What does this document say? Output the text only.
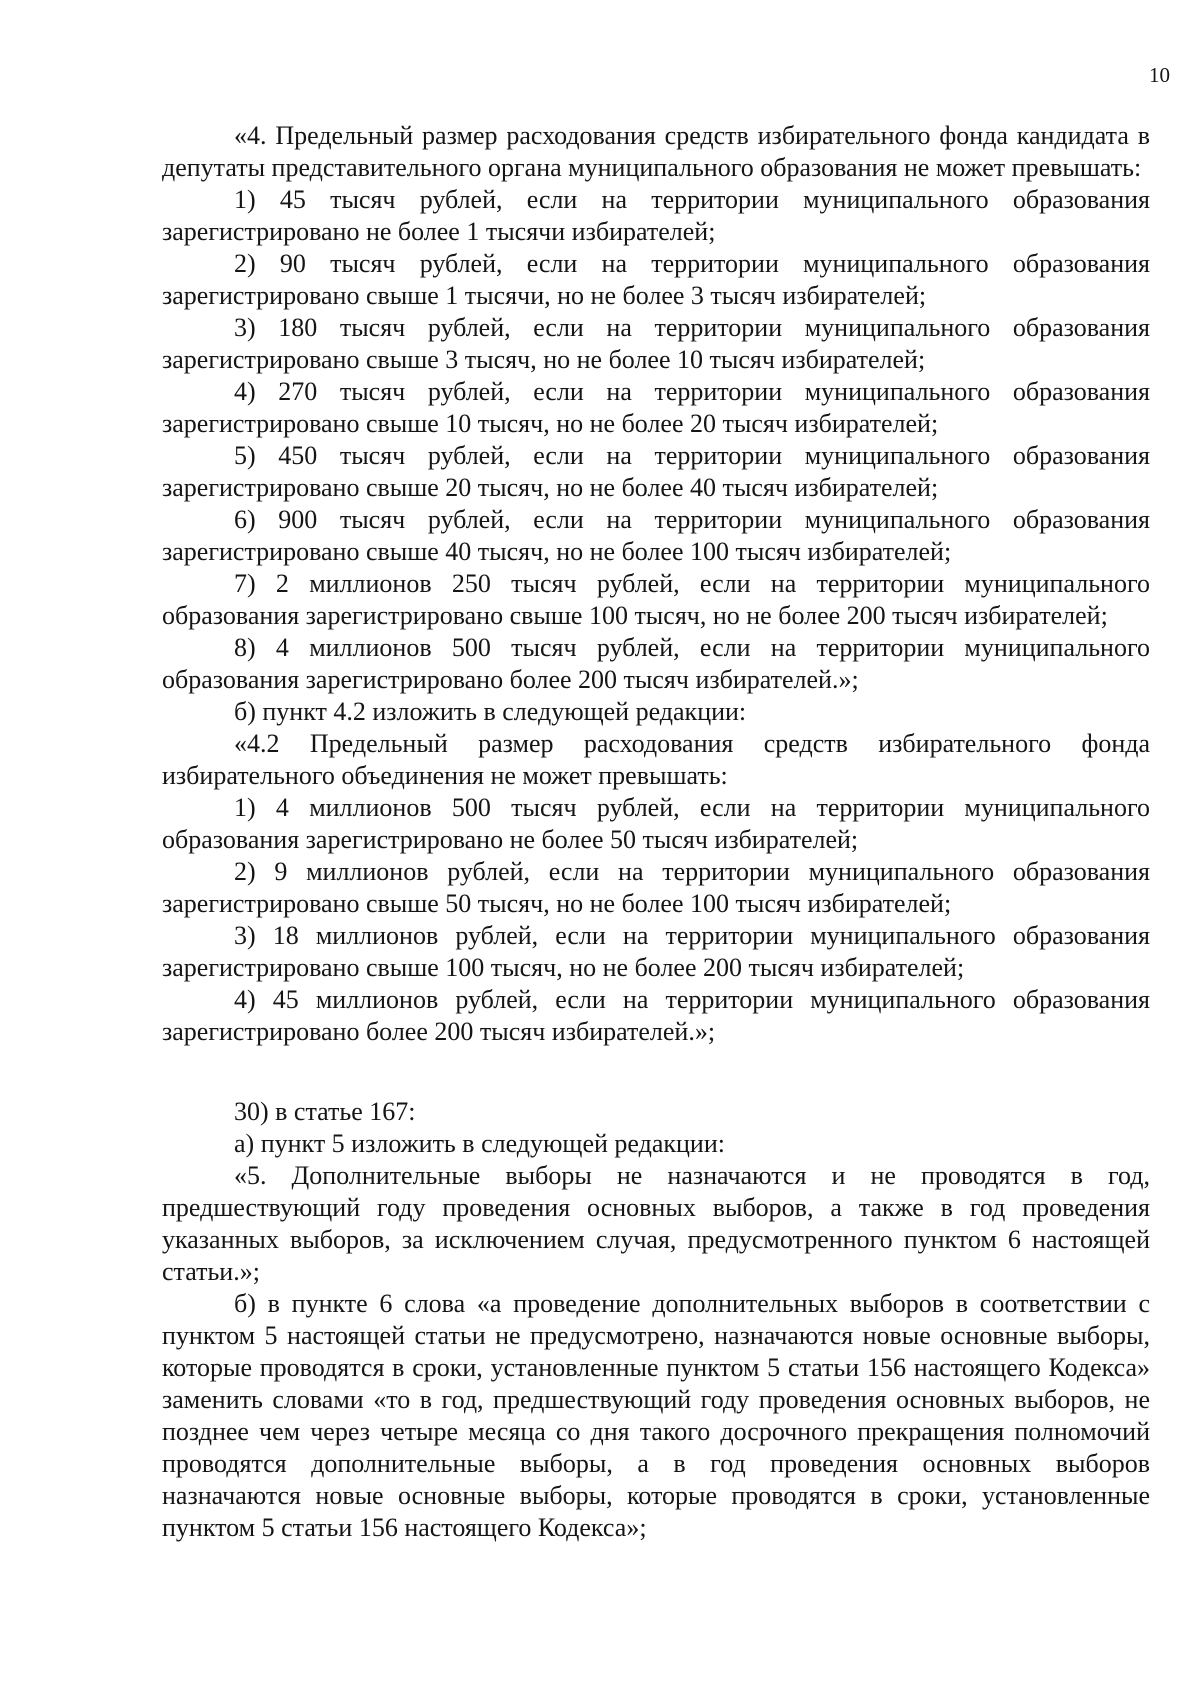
10

«4. Предельный размер расходования средств избирательного фонда кандидата в депутаты представительного органа муниципального образования не может превышать:

1) 45 тысяч рублей, если на территории муниципального образования зарегистрировано не более 1 тысячи избирателей;

2) 90 тысяч рублей, если на территории муниципального образования зарегистрировано свыше 1 тысячи, но не более 3 тысяч избирателей;

3) 180 тысяч рублей, если на территории муниципального образования зарегистрировано свыше 3 тысяч, но не более 10 тысяч избирателей;

4) 270 тысяч рублей, если на территории муниципального образования зарегистрировано свыше 10 тысяч, но не более 20 тысяч избирателей;

5) 450 тысяч рублей, если на территории муниципального образования зарегистрировано свыше 20 тысяч, но не более 40 тысяч избирателей;

6) 900 тысяч рублей, если на территории муниципального образования зарегистрировано свыше 40 тысяч, но не более 100 тысяч избирателей;

7) 2 миллионов 250 тысяч рублей, если на территории муниципального образования зарегистрировано свыше 100 тысяч, но не более 200 тысяч избирателей;

8) 4 миллионов 500 тысяч рублей, если на территории муниципального образования зарегистрировано более 200 тысяч избирателей.»;

б) пункт 4.2 изложить в следующей редакции:

«4.2 Предельный размер расходования средств избирательного фонда избирательного объединения не может превышать:

1) 4 миллионов 500 тысяч рублей, если на территории муниципального образования зарегистрировано не более 50 тысяч избирателей;

2) 9 миллионов рублей, если на территории муниципального образования зарегистрировано свыше 50 тысяч, но не более 100 тысяч избирателей;

3) 18 миллионов рублей, если на территории муниципального образования зарегистрировано свыше 100 тысяч, но не более 200 тысяч избирателей;

4) 45 миллионов рублей, если на территории муниципального образования зарегистрировано более 200 тысяч избирателей.»;

30) в статье 167:

а) пункт 5 изложить в следующей редакции:

«5. Дополнительные выборы не назначаются и не проводятся в год, предшествующий году проведения основных выборов, а также в год проведения указанных выборов, за исключением случая, предусмотренного пунктом 6 настоящей статьи.»;

б) в пункте 6 слова «а проведение дополнительных выборов в соответствии с пунктом 5 настоящей статьи не предусмотрено, назначаются новые основные выборы, которые проводятся в сроки, установленные пунктом 5 статьи 156 настоящего Кодекса» заменить словами «то в год, предшествующий году проведения основных выборов, не позднее чем через четыре месяца со дня такого досрочного прекращения полномочий проводятся дополнительные выборы, а в год проведения основных выборов назначаются новые основные выборы, которые проводятся в сроки, установленные пунктом 5 статьи 156 настоящего Кодекса»;
